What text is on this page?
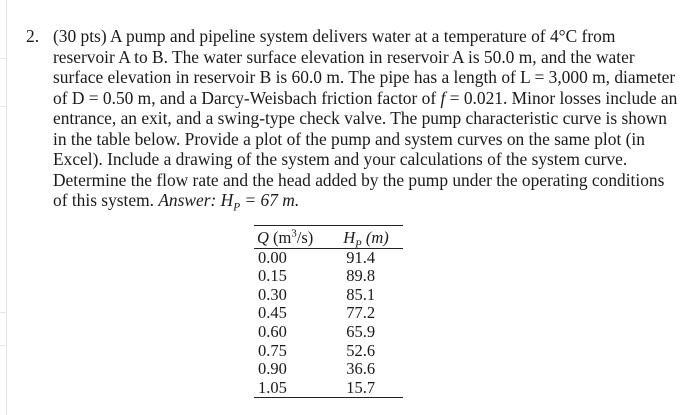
2. (30 pts) A pump and pipeline system delivers water at a temperature of 4°C from
reservoir A to B. The water surface elevation in reservoir A is 50.0 m, and the water
surface elevation in reservoir B is 60.0 m. The pipe has a length of L = 3,000 m, diameter
of D = 0.50 m, and a Darcy-Weisbach friction factor of f = 0.021. Minor losses include an
entrance, an exit, and a swing-type check valve. The pump characteristic curve is shown
in the table below. Provide a plot of the pump and system curves on the same plot (in
Excel). Include a drawing of the system and your calculations of the system curve.
Determine the flow rate and the head added by the pump under the operating conditions
of this system. Answer: $H_P = 67$ m.
Q $(m^3/s)$	$H_P$ (m)
0.00	91.4
0.15	89.8
0.30	85.1
0.45	77.2
0.60	65.9
0.75	52.6
0.90	36.6
1.05	15.7
